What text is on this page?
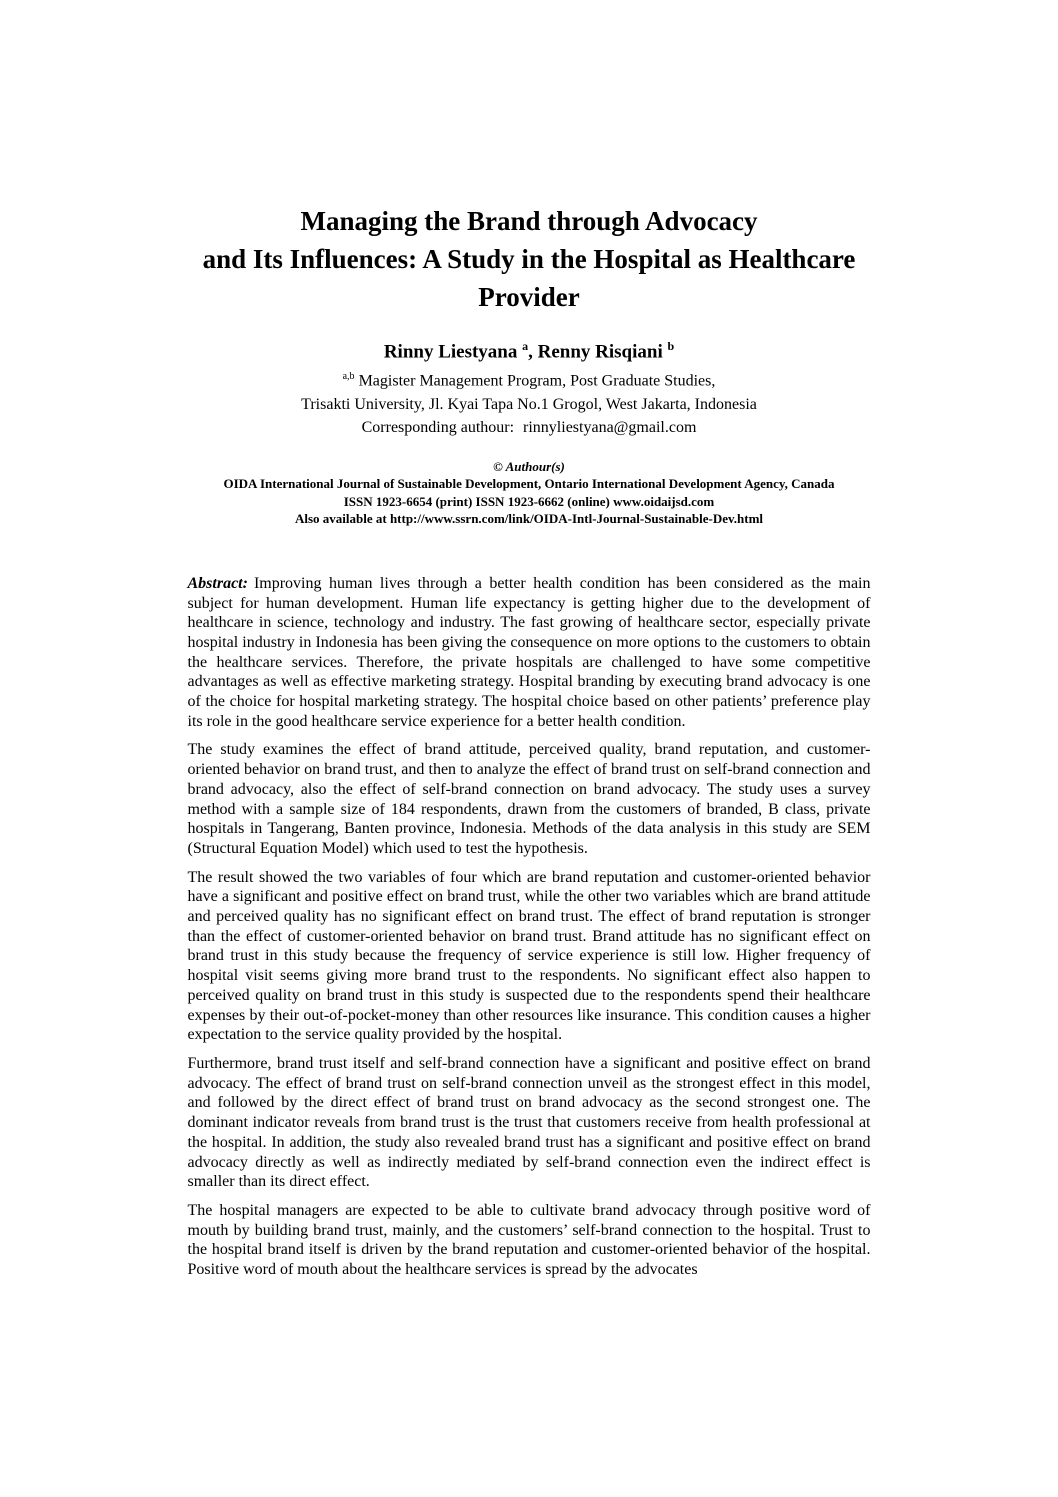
Managing the Brand through Advocacy
and Its Influences: A Study in the Hospital as Healthcare
Provider
Rinny Liestyana $^a$, Renny Risqiani $^b$
$^{a,b}$ Magister Management Program, Post Graduate Studies,
Trisakti University, Jl. Kyai Tapa No.1 Grogol, West Jakarta, Indonesia
Corresponding authour: rinnyliestyana@gmail.com
© Authour(s)
OIDA International Journal of Sustainable Development, Ontario International Development Agency, Canada
ISSN 1923-6654 (print) ISSN 1923-6662 (online) www.oidaijsd.com
Also available at http://www.ssrn.com/link/OIDA-Intl-Journal-Sustainable-Dev.html

Abstract: Improving human lives through a better health condition has been considered as the main subject for human development. Human life expectancy is getting higher due to the development of healthcare in science, technology and industry. The fast growing of healthcare sector, especially private hospital industry in Indonesia has been giving the consequence on more options to the customers to obtain the healthcare services. Therefore, the private hospitals are challenged to have some competitive advantages as well as effective marketing strategy. Hospital branding by executing brand advocacy is one of the choice for hospital marketing strategy. The hospital choice based on other patients’ preference play its role in the good healthcare service experience for a better health condition.

The study examines the effect of brand attitude, perceived quality, brand reputation, and customer-oriented behavior on brand trust, and then to analyze the effect of brand trust on self-brand connection and brand advocacy, also the effect of self-brand connection on brand advocacy. The study uses a survey method with a sample size of 184 respondents, drawn from the customers of branded, B class, private hospitals in Tangerang, Banten province, Indonesia. Methods of the data analysis in this study are SEM (Structural Equation Model) which used to test the hypothesis.

The result showed the two variables of four which are brand reputation and customer-oriented behavior have a significant and positive effect on brand trust, while the other two variables which are brand attitude and perceived quality has no significant effect on brand trust. The effect of brand reputation is stronger than the effect of customer-oriented behavior on brand trust. Brand attitude has no significant effect on brand trust in this study because the frequency of service experience is still low. Higher frequency of hospital visit seems giving more brand trust to the respondents. No significant effect also happen to perceived quality on brand trust in this study is suspected due to the respondents spend their healthcare expenses by their out-of-pocket-money than other resources like insurance. This condition causes a higher expectation to the service quality provided by the hospital.

Furthermore, brand trust itself and self-brand connection have a significant and positive effect on brand advocacy. The effect of brand trust on self-brand connection unveil as the strongest effect in this model, and followed by the direct effect of brand trust on brand advocacy as the second strongest one. The dominant indicator reveals from brand trust is the trust that customers receive from health professional at the hospital. In addition, the study also revealed brand trust has a significant and positive effect on brand advocacy directly as well as indirectly mediated by self-brand connection even the indirect effect is smaller than its direct effect.

The hospital managers are expected to be able to cultivate brand advocacy through positive word of mouth by building brand trust, mainly, and the customers’ self-brand connection to the hospital. Trust to the hospital brand itself is driven by the brand reputation and customer-oriented behavior of the hospital. Positive word of mouth about the healthcare services is spread by the advocates
